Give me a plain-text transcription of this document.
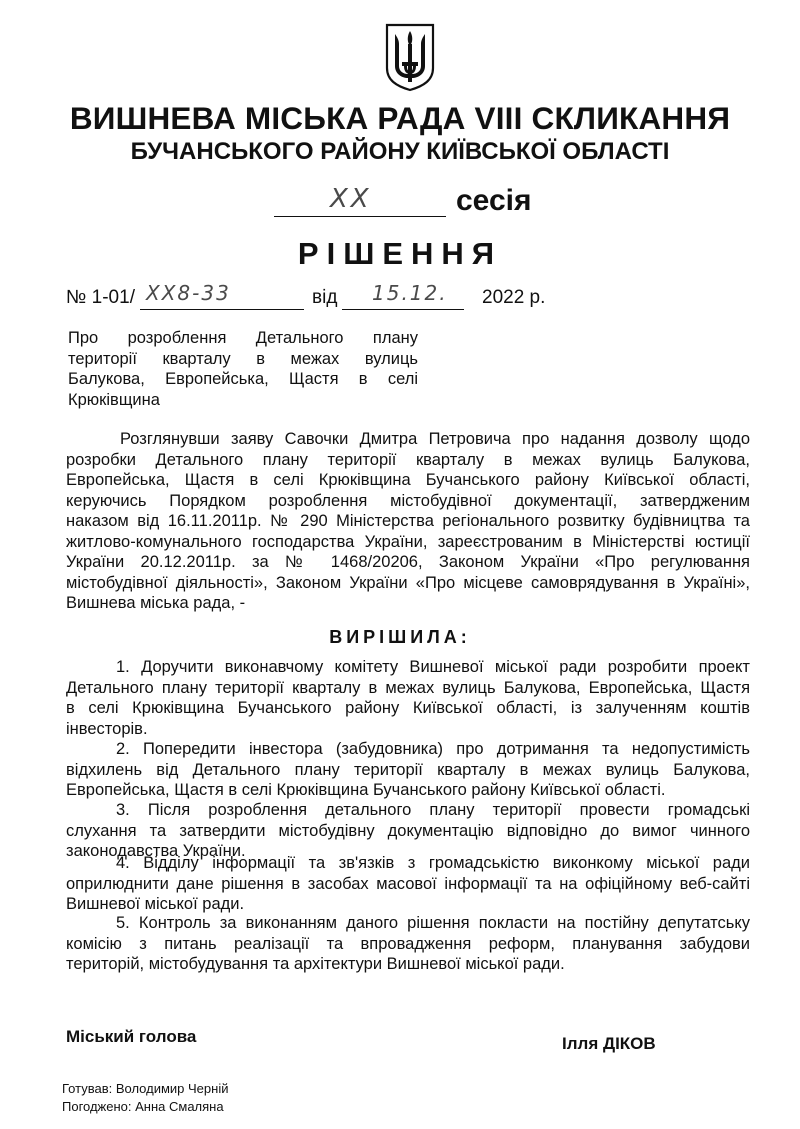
ВИШНЕВА МІСЬКА РАДА VIII СКЛИКАННЯ
БУЧАНСЬКОГО РАЙОНУ КИЇВСЬКОЇ ОБЛАСТІ
XX	сесія
РІШЕННЯ
№ 1-01/ XX8-33	від 15.12. 2022 р.
Про розроблення Детального плану
території кварталу в межах вулиць
Балукова, Европейська, Щастя в селі
Крюківщина
Розглянувши заяву Савочки Дмитра Петровича про надання дозволу щодо
розробки Детального плану території кварталу в межах вулиць Балукова,
Европейська, Щастя в селі Крюківщина Бучанського району Київської області,
керуючись Порядком розроблення містобудівної документації, затвердженим
наказом від 16.11.2011р. № 290 Міністерства регіонального розвитку будівництва та
житлово-комунального господарства України, зареєстрованим в Міністерстві юстиції
України 20.12.2011р. за № 1468/20206, Законом України «Про регулювання
містобудівної діяльності», Законом України «Про місцеве самоврядування в Україні»,
Вишнева міська рада, -
ВИРІШИЛА:
1. Доручити виконавчому комітету Вишневої міської ради розробити проект
Детального плану території кварталу в межах вулиць Балукова, Европейська, Щастя
в селі Крюківщина Бучанського району Київської області, із залученням коштів
інвесторів.
2. Попередити інвестора (забудовника) про дотримання та недопустимість
відхилень від Детального плану території кварталу в межах вулиць Балукова,
Европейська, Щастя в селі Крюківщина Бучанського району Київської області.
3. Після розроблення детального плану території провести громадські
слухання та затвердити містобудівну документацію відповідно до вимог чинного
законодавства України.
4. Відділу інформації та зв'язків з громадськістю виконкому міської ради
оприлюднити дане рішення в засобах масової інформації та на офіційному веб-сайті
Вишневої міської ради.
5. Контроль за виконанням даного рішення покласти на постійну депутатську
комісію з питань реалізації та впровадження реформ, планування забудови
територій, містобудування та архітектури Вишневої міської ради.
Міський голова	Ілля ДІКОВ
Готував: Володимир Черній
Погоджено: Анна Смаляна
